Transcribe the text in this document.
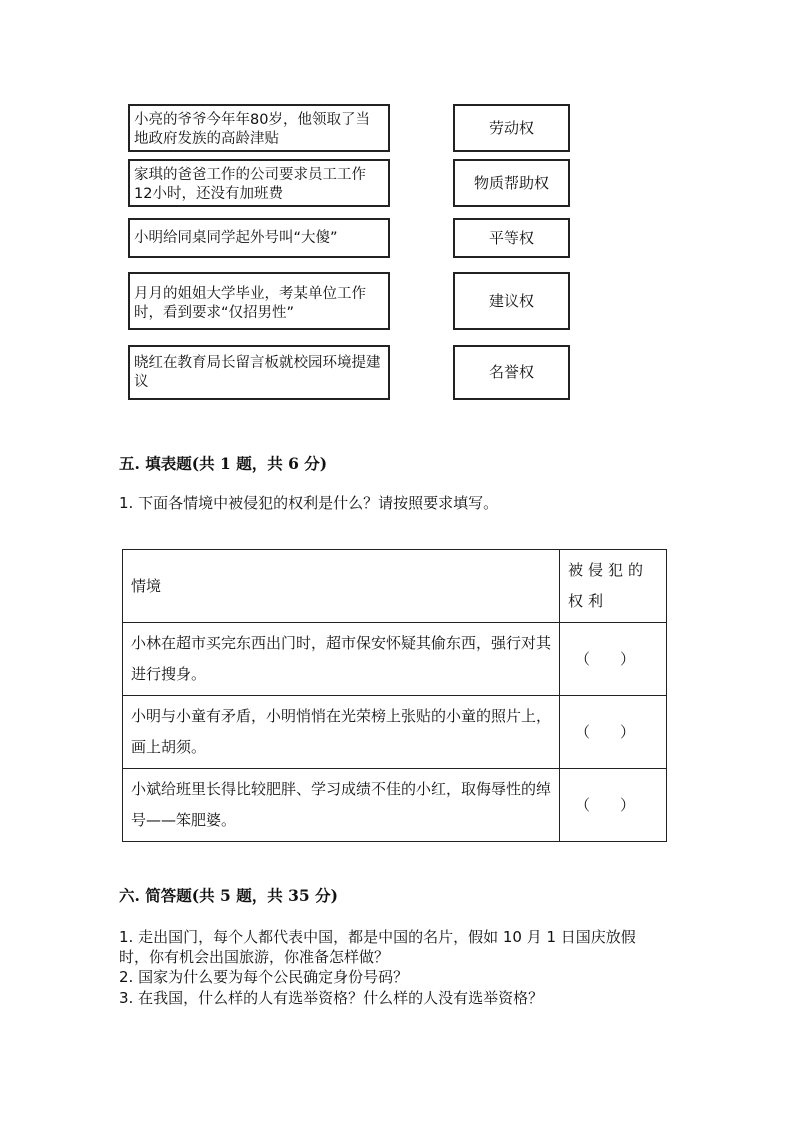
小亮的爷爷今年年80岁，他领取了当地政府发族的高龄津贴
家琪的爸爸工作的公司要求员工工作12小时，还没有加班费
小明给同桌同学起外号叫“大傻”
月月的姐姐大学毕业，考某单位工作时，看到要求“仅招男性”
晓红在教育局长留言板就校园环境提建议
劳动权
物质帮助权
平等权
建议权
名誉权
五. 填表题(共 1 题，共 6 分)
1. 下面各情境中被侵犯的权利是什么？请按照要求填写。
情境	被侵犯的权利
小林在超市买完东西出门时，超市保安怀疑其偷东西，强行对其进行搜身。	（　　）
小明与小童有矛盾，小明悄悄在光荣榜上张贴的小童的照片上，画上胡须。	（　　）
小斌给班里长得比较肥胖、学习成绩不佳的小红，取侮辱性的绰号——笨肥婆。	（　　）
六. 简答题(共 5 题，共 35 分)
1. 走出国门，每个人都代表中国，都是中国的名片，假如 10 月 1 日国庆放假
时，你有机会出国旅游，你准备怎样做？
2. 国家为什么要为每个公民确定身份号码？
3. 在我国，什么样的人有选举资格？什么样的人没有选举资格？
